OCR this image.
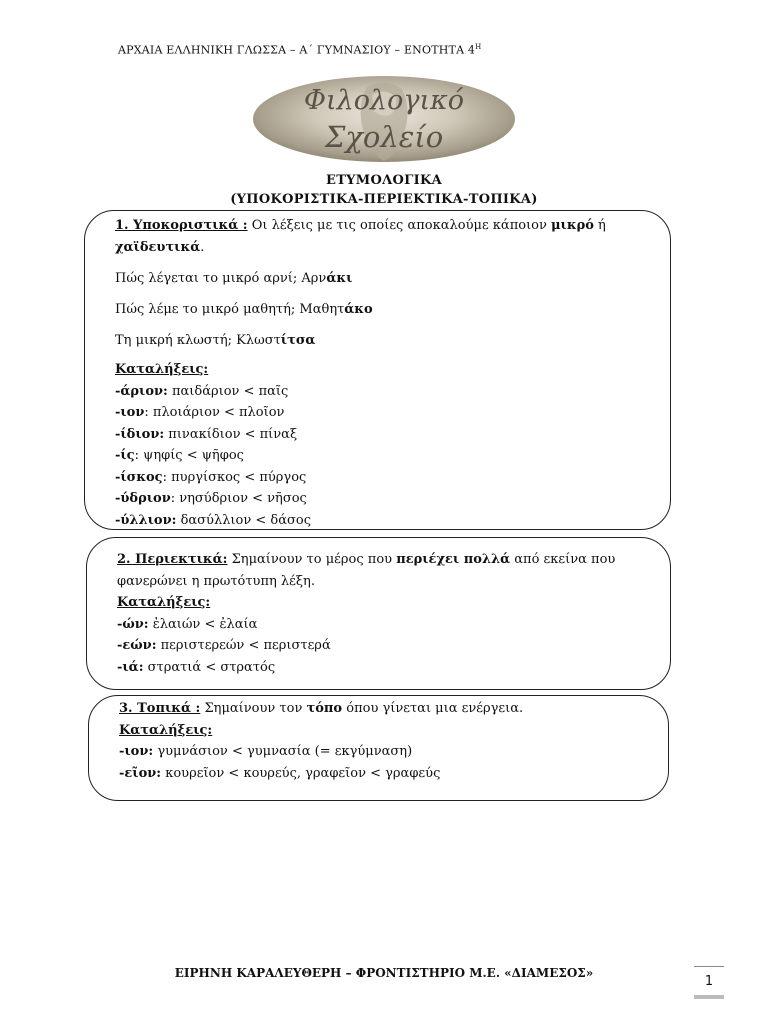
ΑΡΧΑΙΑ ΕΛΛΗΝΙΚΗ ΓΛΩΣΣΑ – Α΄ ΓΥΜΝΑΣΙΟΥ – ΕΝΟΤΗΤΑ $4^H$
Φιλολογικό
Σχολείο
ΕΤΥΜΟΛΟΓΙΚΑ
(ΥΠΟΚΟΡΙΣΤΙΚΑ-ΠΕΡΙΕΚΤΙΚΑ-ΤΟΠΙΚΑ)

1. Υποκοριστικά : Οι λέξεις με τις οποίες αποκαλούμε κάποιον μικρό ή
χαϊδευτικά.

Πώς λέγεται το μικρό αρνί; Αρνάκι

Πώς λέμε το μικρό μαθητή; Μαθητάκο

Τη μικρή κλωστή; Κλωστίτσα

Καταλήξεις:

-άριον: παιδάριον < παῖς

-ιον: πλοιάριον < πλοῖον

-ίδιον: πινακίδιον < πίναξ

-ίς: ψηφίς < ψῆφος

-ίσκος: πυργίσκος < πύργος

-ύδριον: νησύδριον < νῆσος

-ύλλιον: δασύλλιον < δάσος

2. Περιεκτικά: Σημαίνουν το μέρος που περιέχει πολλά από εκείνα που
φανερώνει η πρωτότυπη λέξη.

Καταλήξεις:

-ών: ἐλαιών < ἐλαία

-εών: περιστερεών < περιστερά

-ιά: στρατιά < στρατός

3. Τοπικά : Σημαίνουν τον τόπο όπου γίνεται μια ενέργεια.

Καταλήξεις:

-ιον: γυμνάσιον < γυμνασία (= εκγύμναση)

-εῖον: κουρεῖον < κουρεύς, γραφεῖον < γραφεύς

ΕΙΡΗΝΗ ΚΑΡΑΛΕΥΘΕΡΗ – ΦΡΟΝΤΙΣΤΗΡΙΟ Μ.Ε. «ΔΙΑΜΕΣΟΣ»
1
